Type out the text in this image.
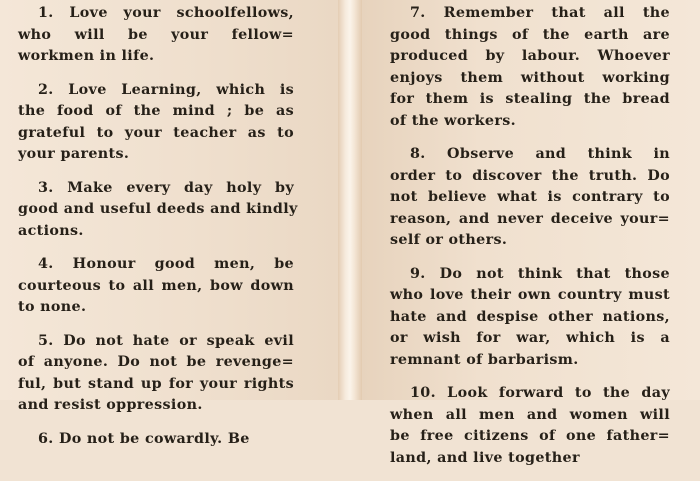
1. Love your schoolfellows,
who will be your fellow=
workmen in life.

2. Love Learning, which is
the food of the mind ; be as
grateful to your teacher as to
your parents.

3. Make every day holy by
good and useful deeds and kindly
actions.

4. Honour good men, be
courteous to all men, bow down
to none.

5. Do not hate or speak evil
of anyone. Do not be revenge=
ful, but stand up for your rights
and resist oppression.

6. Do not be cowardly. Be

7. Remember that all the
good things of the earth are
produced by labour. Whoever
enjoys them without working
for them is stealing the bread
of the workers.

8. Observe and think in
order to discover the truth. Do
not believe what is contrary to
reason, and never deceive your=
self or others.

9. Do not think that those
who love their own country must
hate and despise other nations,
or wish for war, which is a
remnant of barbarism.

10. Look forward to the day
when all men and women will
be free citizens of one father=
land, and live together
